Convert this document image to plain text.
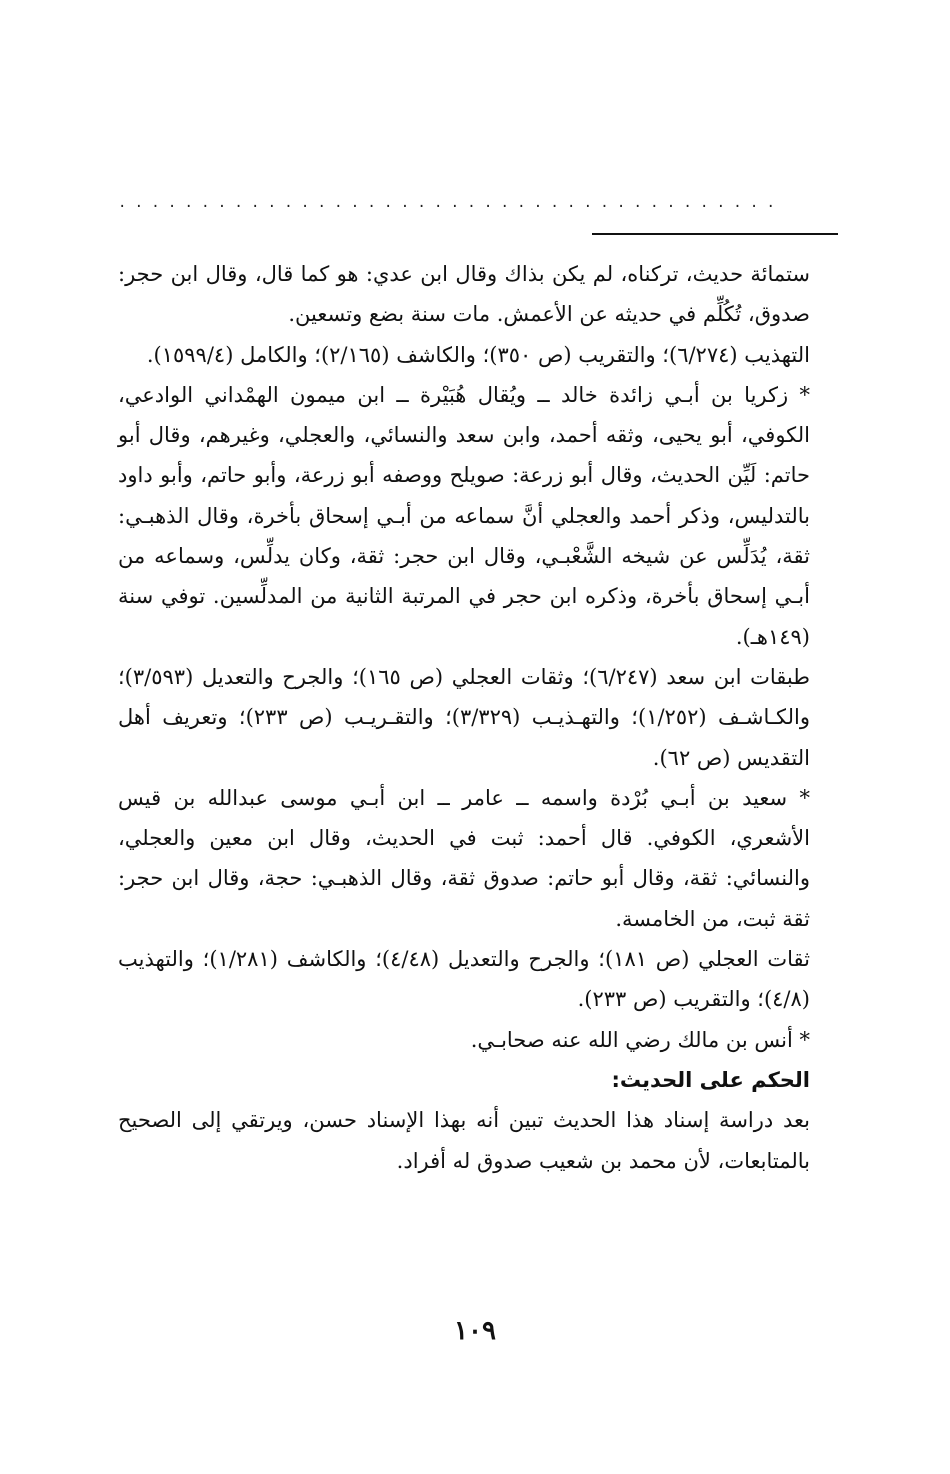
........................................

ستمائة حديث، تركناه، لم يكن بذاك وقال ابن عدي: هو كما قال، وقال ابن حجر: صدوق، تُكُلِّم في حديثه عن الأعمش. مات سنة بضع وتسعين.

التهذيب (٦/٢٧٤)؛ والتقريب (ص ٣٥٠)؛ والكاشف (٢/١٦٥)؛ والكامل (١٥٩٩/٤).

* زكريا بن أبـي زائدة خالد ــ ويُقال هُبَيْرة ــ ابن ميمون الهمْداني الوادعي، الكوفي، أبو يحيى، وثقه أحمد، وابن سعد والنسائي، والعجلي، وغيرهم، وقال أبو حاتم: لَيِّن الحديث، وقال أبو زرعة: صويلح ووصفه أبو زرعة، وأبو حاتم، وأبو داود بالتدليس، وذكر أحمد والعجلي أنَّ سماعه من أبـي إسحاق بأخرة، وقال الذهبـي: ثقة، يُدَلِّس عن شيخه الشَّعْبـي، وقال ابن حجر: ثقة، وكان يدلِّس، وسماعه من أبـي إسحاق بأخرة، وذكره ابن حجر في المرتبة الثانية من المدلِّسين. توفي سنة (١٤٩هـ).

طبقات ابن سعد (٦/٢٤٧)؛ وثقات العجلي (ص ١٦٥)؛ والجرح والتعديل (٣/٥٩٣)؛ والكـاشـف (١/٢٥٢)؛ والتهـذيـب (٣/٣٢٩)؛ والتقـريـب (ص ٢٣٣)؛ وتعريف أهل التقديس (ص ٦٢).

* سعيد بن أبـي بُرْدة واسمه ــ عامر ــ ابن أبـي موسى عبدالله بن قيس الأشعري، الكوفي. قال أحمد: ثبت في الحديث، وقال ابن معين والعجلي، والنسائي: ثقة، وقال أبو حاتم: صدوق ثقة، وقال الذهبـي: حجة، وقال ابن حجر: ثقة ثبت، من الخامسة.

ثقات العجلي (ص ١٨١)؛ والجرح والتعديل (٤/٤٨)؛ والكاشف (١/٢٨١)؛ والتهذيب (٤/٨)؛ والتقريب (ص ٢٣٣).

* أنس بن مالك رضي الله عنه صحابـي.

الحكم على الحديث:

بعد دراسة إسناد هذا الحديث تبين أنه بهذا الإسناد حسن، ويرتقي إلى الصحيح بالمتابعات، لأن محمد بن شعيب صدوق له أفراد.

١٠٩
